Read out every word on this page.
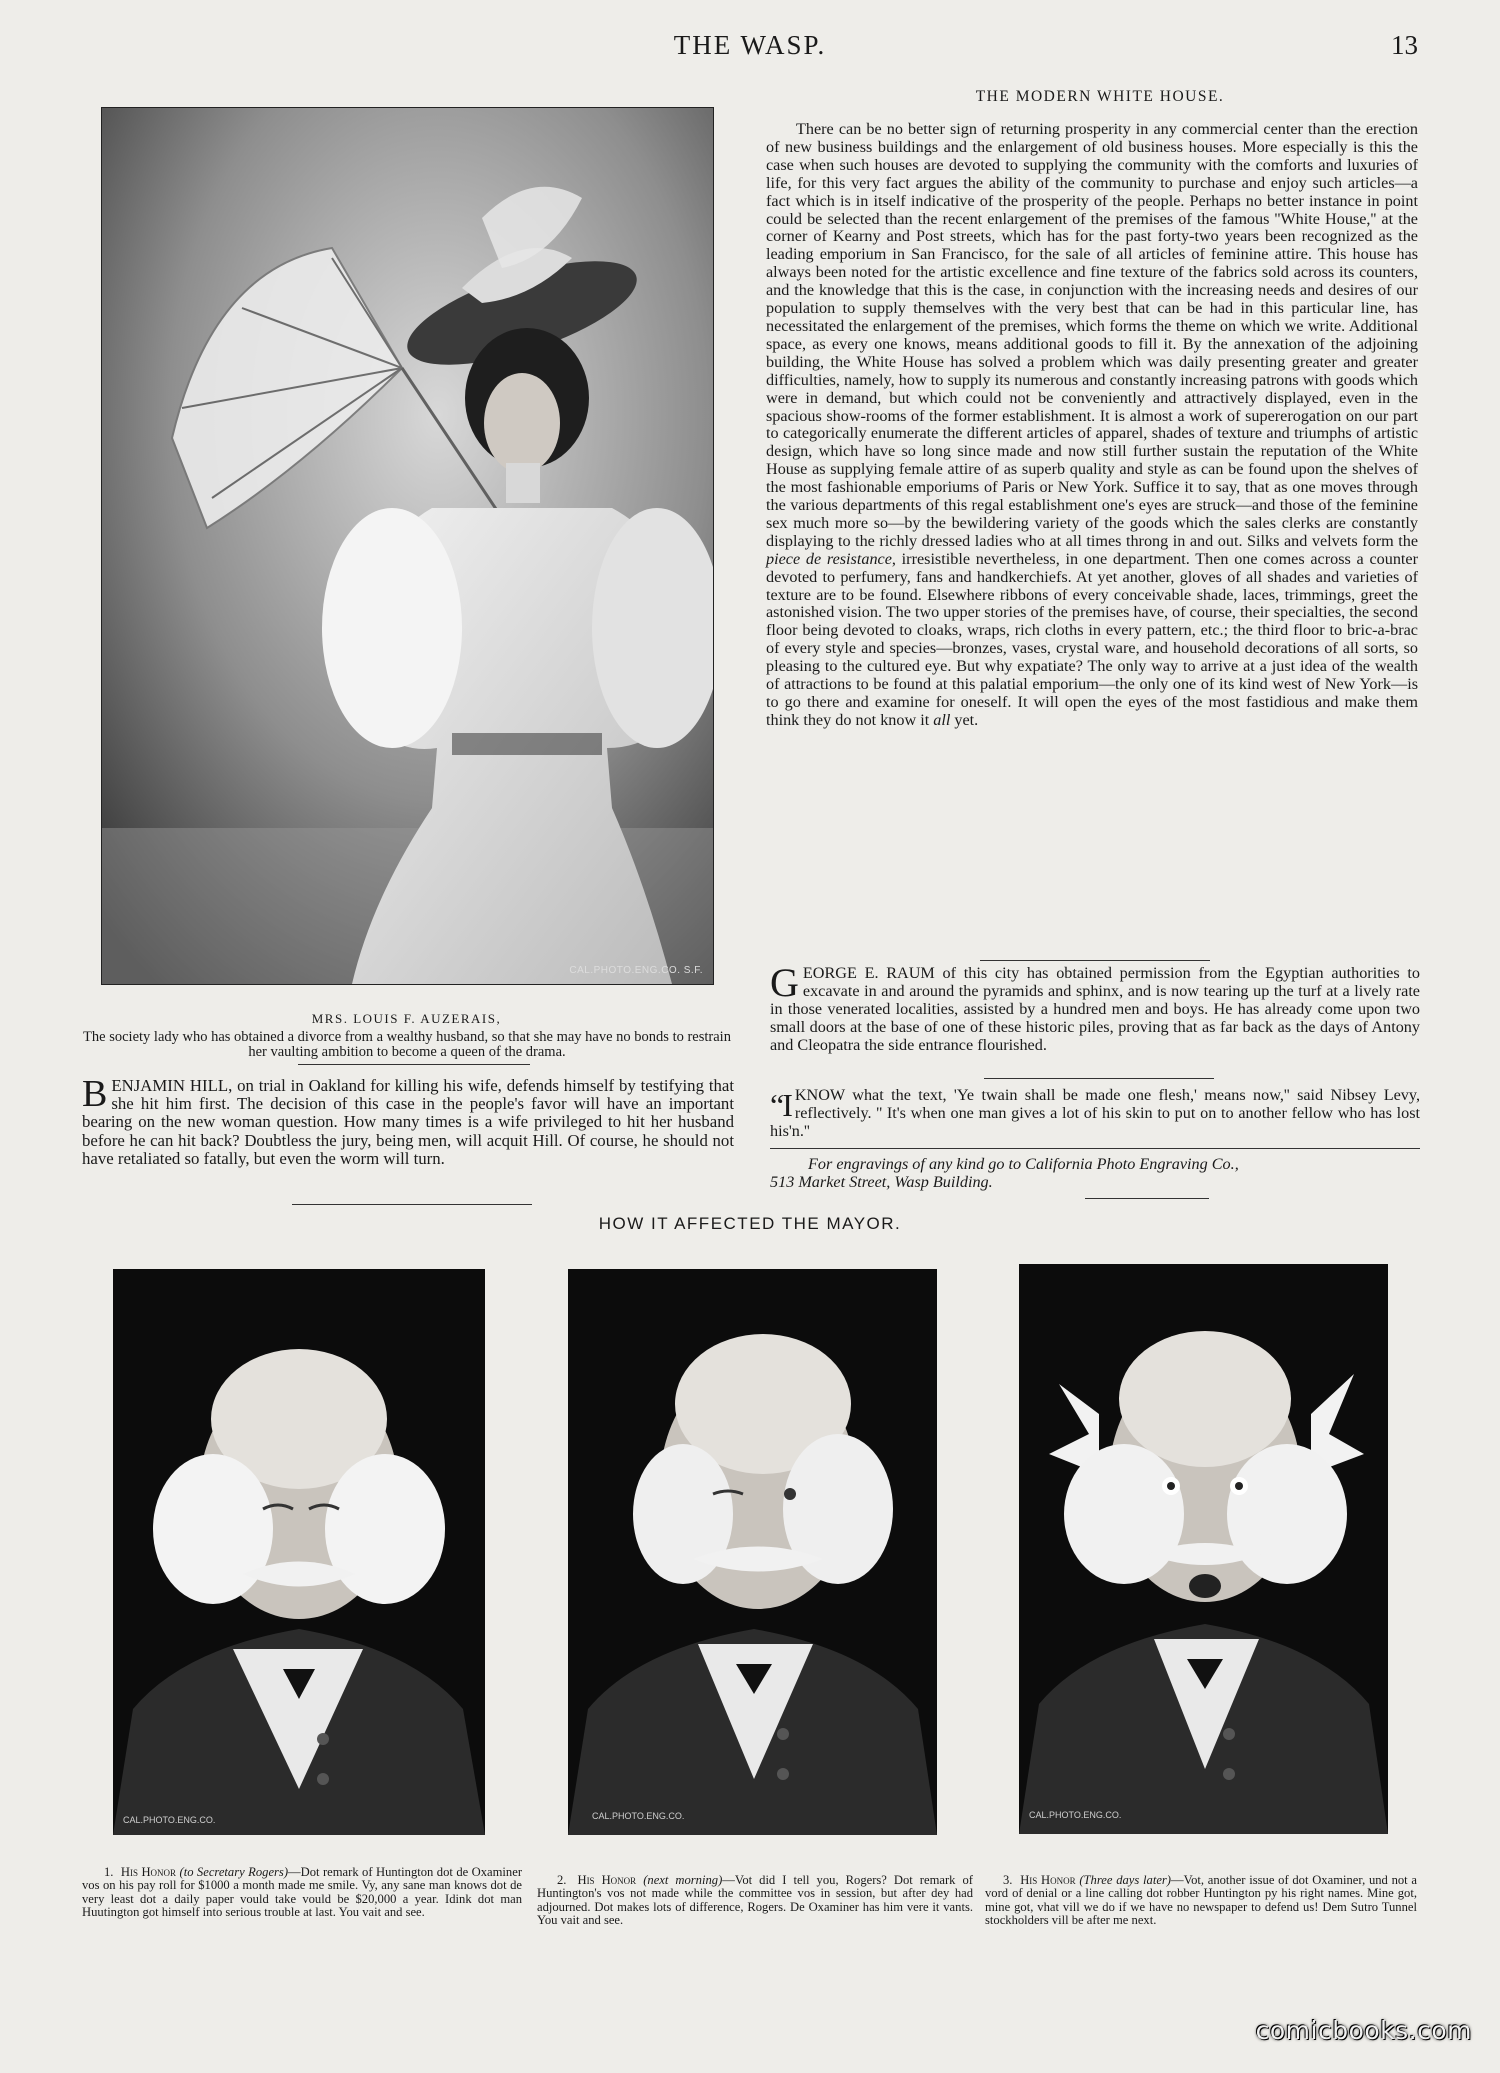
THE WASP.	13
CAL.PHOTO.ENG.CO. S.F.
MRS. LOUIS F. AUZERAIS,
The society lady who has obtained a divorce from a wealthy husband, so that she may have no bonds to restrain her vaulting ambition to become a queen of the drama.
BENJAMIN HILL, on trial in Oakland for killing his wife, defends himself by testifying that she hit him first. The decision of this case in the people's favor will have an important bearing on the new woman question. How many times is a wife privileged to hit her husband before he can hit back? Doubtless the jury, being men, will acquit Hill. Of course, he should not have retaliated so fatally, but even the worm will turn.
THE MODERN WHITE HOUSE.

There can be no better sign of returning prosperity in any commercial center than the erection of new business buildings and the enlargement of old business houses. More especially is this the case when such houses are devoted to supplying the community with the comforts and luxuries of life, for this very fact argues the ability of the community to purchase and enjoy such articles—a fact which is in itself indicative of the prosperity of the people. Perhaps no better instance in point could be selected than the recent enlargement of the premises of the famous ''White House,'' at the corner of Kearny and Post streets, which has for the past forty-two years been recognized as the leading emporium in San Francisco, for the sale of all articles of feminine attire. This house has always been noted for the artistic excellence and fine texture of the fabrics sold across its counters, and the knowledge that this is the case, in conjunction with the increasing needs and desires of our population to supply themselves with the very best that can be had in this particular line, has necessitated the enlargement of the premises, which forms the theme on which we write. Additional space, as every one knows, means additional goods to fill it. By the annexation of the adjoining building, the White House has solved a problem which was daily presenting greater and greater difficulties, namely, how to supply its numerous and constantly increasing patrons with goods which were in demand, but which could not be conveniently and attractively displayed, even in the spacious show-rooms of the former establishment. It is almost a work of supererogation on our part to categorically enumerate the different articles of apparel, shades of texture and triumphs of artistic design, which have so long since made and now still further sustain the reputation of the White House as supplying female attire of as superb quality and style as can be found upon the shelves of the most fashionable emporiums of Paris or New York. Suffice it to say, that as one moves through the various departments of this regal establishment one's eyes are struck—and those of the feminine sex much more so—by the bewildering variety of the goods which the sales clerks are constantly displaying to the richly dressed ladies who at all times throng in and out. Silks and velvets form the piece de resistance, irresistible nevertheless, in one department. Then one comes across a counter devoted to perfumery, fans and handkerchiefs. At yet another, gloves of all shades and varieties of texture are to be found. Elsewhere ribbons of every conceivable shade, laces, trimmings, greet the astonished vision. The two upper stories of the premises have, of course, their specialties, the second floor being devoted to cloaks, wraps, rich cloths in every pattern, etc.; the third floor to bric-a-brac of every style and species—bronzes, vases, crystal ware, and household decorations of all sorts, so pleasing to the cultured eye. But why expatiate? The only way to arrive at a just idea of the wealth of attractions to be found at this palatial emporium—the only one of its kind west of New York—is to go there and examine for oneself. It will open the eyes of the most fastidious and make them think they do not know it all yet.

GEORGE E. RAUM of this city has obtained permission from the Egyptian authorities to excavate in and around the pyramids and sphinx, and is now tearing up the turf at a lively rate in those venerated localities, assisted by a hundred men and boys. He has already come upon two small doors at the base of one of these historic piles, proving that as far back as the days of Antony and Cleopatra the side entrance flourished.
“I KNOW what the text, 'Ye twain shall be made one flesh,' means now,'' said Nibsey Levy, reflectively. '' It's when one man gives a lot of his skin to put on to another fellow who has lost his'n.''
For engravings of any kind go to California Photo Engraving Co.,
513 Market Street, Wasp Building.
HOW IT AFFECTED THE MAYOR.
CAL.PHOTO.ENG.CO.	CAL.PHOTO.ENG.CO.	CAL.PHOTO.ENG.CO.
1. His Honor (to Secretary Rogers)—Dot remark of Huntington dot de Oxaminer vos on his pay roll for $1000 a month made me smile. Vy, any sane man knows dot de very least dot a daily paper vould take vould be $20,000 a year. Idink dot man Huutington got himself into serious trouble at last. You vait and see.
2. His Honor (next morning)—Vot did I tell you, Rogers? Dot remark of Huntington's vos not made while the committee vos in session, but after dey had adjourned. Dot makes lots of difference, Rogers. De Oxaminer has him vere it vants. You vait and see.
3. His Honor (Three days later)—Vot, another issue of dot Oxaminer, und not a vord of denial or a line calling dot robber Huntington py his right names. Mine got, mine got, vhat vill we do if we have no newspaper to defend us! Dem Sutro Tunnel stockholders vill be after me next.
comicbooks.com
